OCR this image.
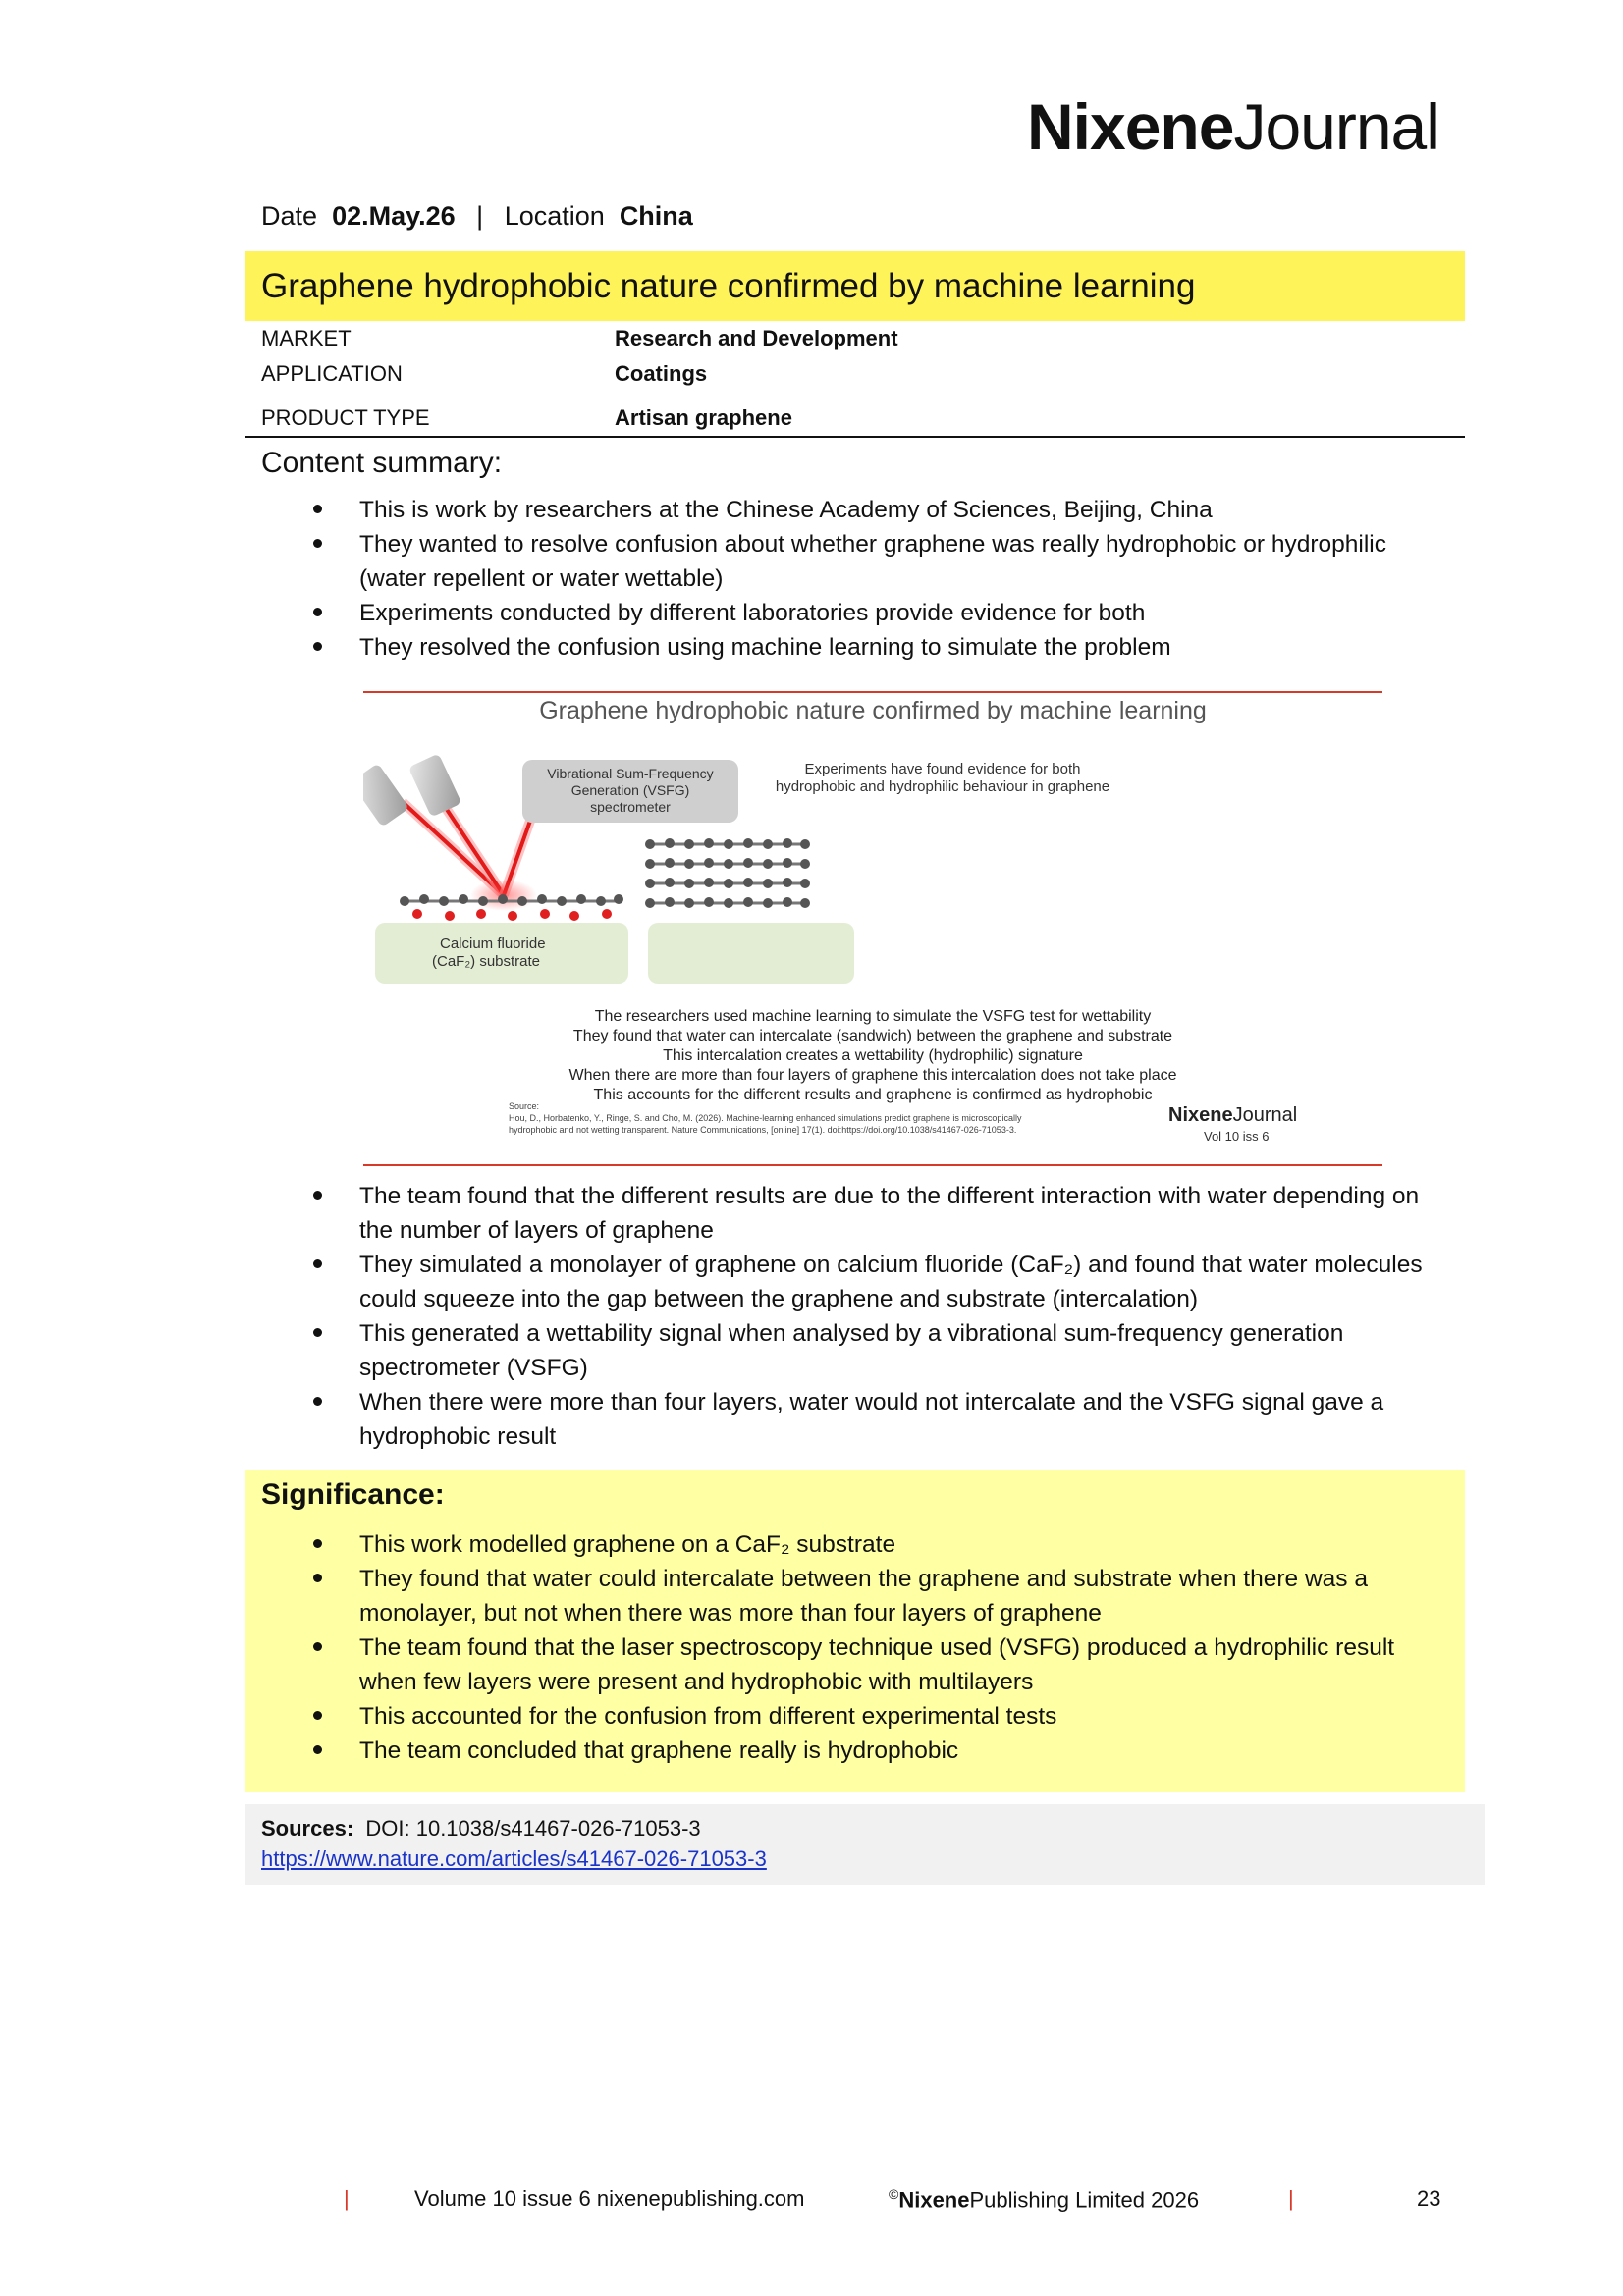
NixeneJournal
Date 02.May.26 | Location China
Graphene hydrophobic nature confirmed by machine learning
MARKET	Research and Development
APPLICATION	Coatings
PRODUCT TYPE	Artisan graphene
Content summary:
This is work by researchers at the Chinese Academy of Sciences, Beijing, China
They wanted to resolve confusion about whether graphene was really hydrophobic or hydrophilic (water repellent or water wettable)
Experiments conducted by different laboratories provide evidence for both
They resolved the confusion using machine learning to simulate the problem
Graphene hydrophobic nature confirmed by machine learning
Vibrational Sum-Frequency
Generation (VSFG)
spectrometer
Experiments have found evidence for both
hydrophobic and hydrophilic behaviour in graphene
Calcium fluoride
(CaF₂) substrate
The researchers used machine learning to simulate the VSFG test for wettability
They found that water can intercalate (sandwich) between the graphene and substrate
This intercalation creates a wettability (hydrophilic) signature
When there are more than four layers of graphene this intercalation does not take place
This accounts for the different results and graphene is confirmed as hydrophobic
Source:
Hou, D., Horbatenko, Y., Ringe, S. and Cho, M. (2026). Machine-learning enhanced simulations predict graphene is microscopically
hydrophobic and not wetting transparent. Nature Communications, [online] 17(1). doi:https://doi.org/10.1038/s41467-026-71053-3.
NixeneJournal
Vol 10 iss 6
The team found that the different results are due to the different interaction with water depending on the number of layers of graphene
They simulated a monolayer of graphene on calcium fluoride (CaF₂) and found that water molecules could squeeze into the gap between the graphene and substrate (intercalation)
This generated a wettability signal when analysed by a vibrational sum-frequency generation spectrometer (VSFG)
When there were more than four layers, water would not intercalate and the VSFG signal gave a hydrophobic result
Significance:
This work modelled graphene on a CaF₂ substrate
They found that water could intercalate between the graphene and substrate when there was a monolayer, but not when there was more than four layers of graphene
The team found that the laser spectroscopy technique used (VSFG) produced a hydrophilic result when few layers were present and hydrophobic with multilayers
This accounted for the confusion from different experimental tests
The team concluded that graphene really is hydrophobic
Sources: DOI: 10.1038/s41467-026-71053-3
https://www.nature.com/articles/s41467-026-71053-3
|	Volume 10 issue 6 nixenepublishing.com	©NixenePublishing Limited 2026	|	23
